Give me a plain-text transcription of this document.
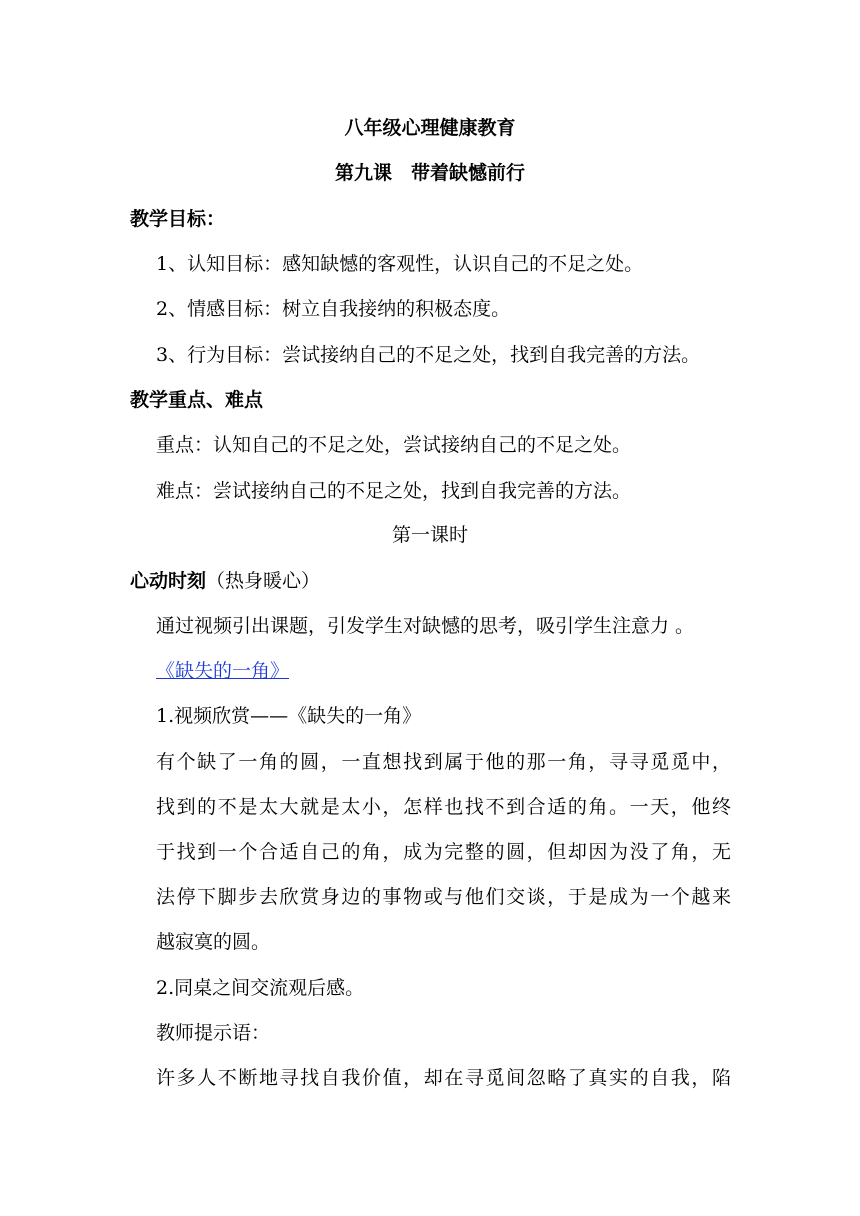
八年级心理健康教育
第九课　带着缺憾前行
教学目标：
1、认知目标：感知缺憾的客观性，认识自己的不足之处。
2、情感目标：树立自我接纳的积极态度。
3、行为目标：尝试接纳自己的不足之处，找到自我完善的方法。
教学重点、难点
重点：认知自己的不足之处，尝试接纳自己的不足之处。
难点：尝试接纳自己的不足之处，找到自我完善的方法。
第一课时
心动时刻（热身暖心）
通过视频引出课题，引发学生对缺憾的思考，吸引学生注意力 。
《缺失的一角》
1.视频欣赏——《缺失的一角》
有个缺了一角的圆，一直想找到属于他的那一角，寻寻觅觅中，
找到的不是太大就是太小，怎样也找不到合适的角。一天，他终
于找到一个合适自己的角，成为完整的圆，但却因为没了角，无
法停下脚步去欣赏身边的事物或与他们交谈，于是成为一个越来
越寂寞的圆。
2.同桌之间交流观后感。
教师提示语：
许多人不断地寻找自我价值，却在寻觅间忽略了真实的自我，陷
